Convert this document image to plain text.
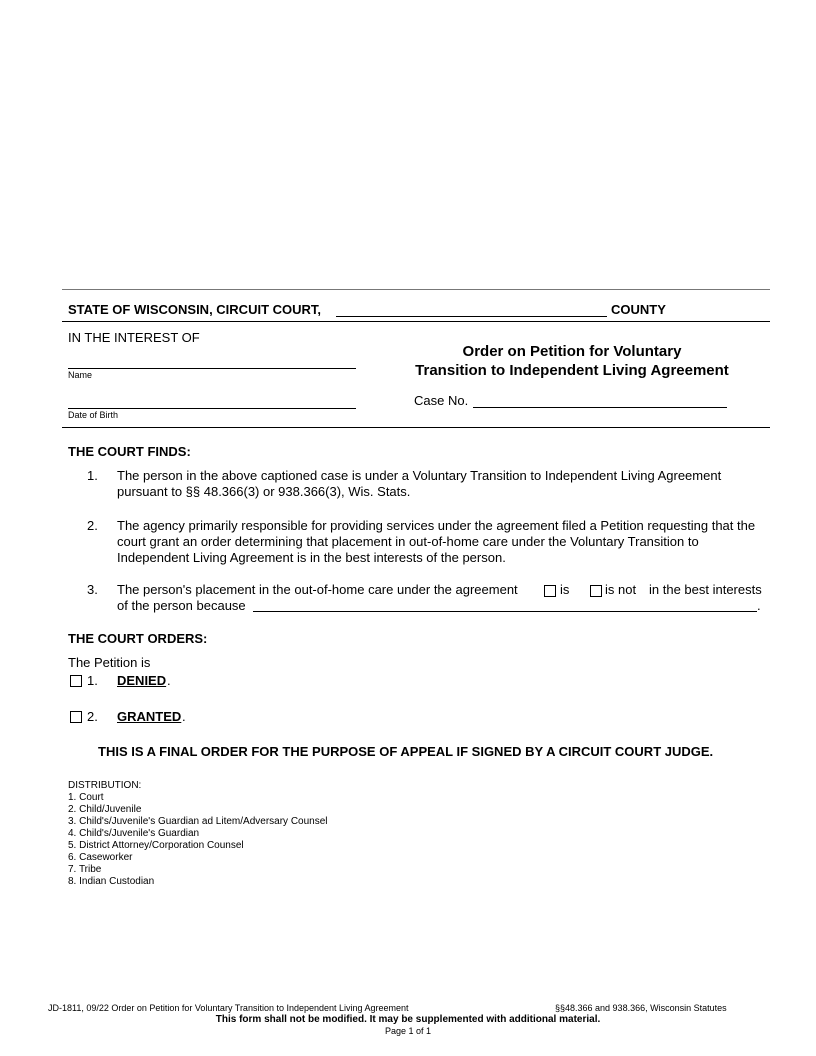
STATE OF WISCONSIN, CIRCUIT COURT,	COUNTY
IN THE INTEREST OF
Name
Date of Birth
Order on Petition for Voluntary
Transition to Independent Living Agreement
Case No.
THE COURT FINDS:
1. The person in the above captioned case is under a Voluntary Transition to Independent Living Agreement pursuant to §§ 48.366(3) or 938.366(3), Wis. Stats.
2. The agency primarily responsible for providing services under the agreement filed a Petition requesting that the court grant an order determining that placement in out-of-home care under the Voluntary Transition to Independent Living Agreement is in the best interests of the person.
3. The person's placement in the out-of-home care under the agreement	is	is not in the best interests
of the person because	.
THE COURT ORDERS:
The Petition is
1. DENIED .
2. GRANTED .
THIS IS A FINAL ORDER FOR THE PURPOSE OF APPEAL IF SIGNED BY A CIRCUIT COURT JUDGE.
DISTRIBUTION:
1. Court
2. Child/Juvenile
3. Child's/Juvenile's Guardian ad Litem/Adversary Counsel
4. Child's/Juvenile's Guardian
5. District Attorney/Corporation Counsel
6. Caseworker
7. Tribe
8. Indian Custodian
JD-1811, 09/22 Order on Petition for Voluntary Transition to Independent Living Agreement	§§48.366 and 938.366, Wisconsin Statutes
This form shall not be modified. It may be supplemented with additional material.
Page 1 of 1
